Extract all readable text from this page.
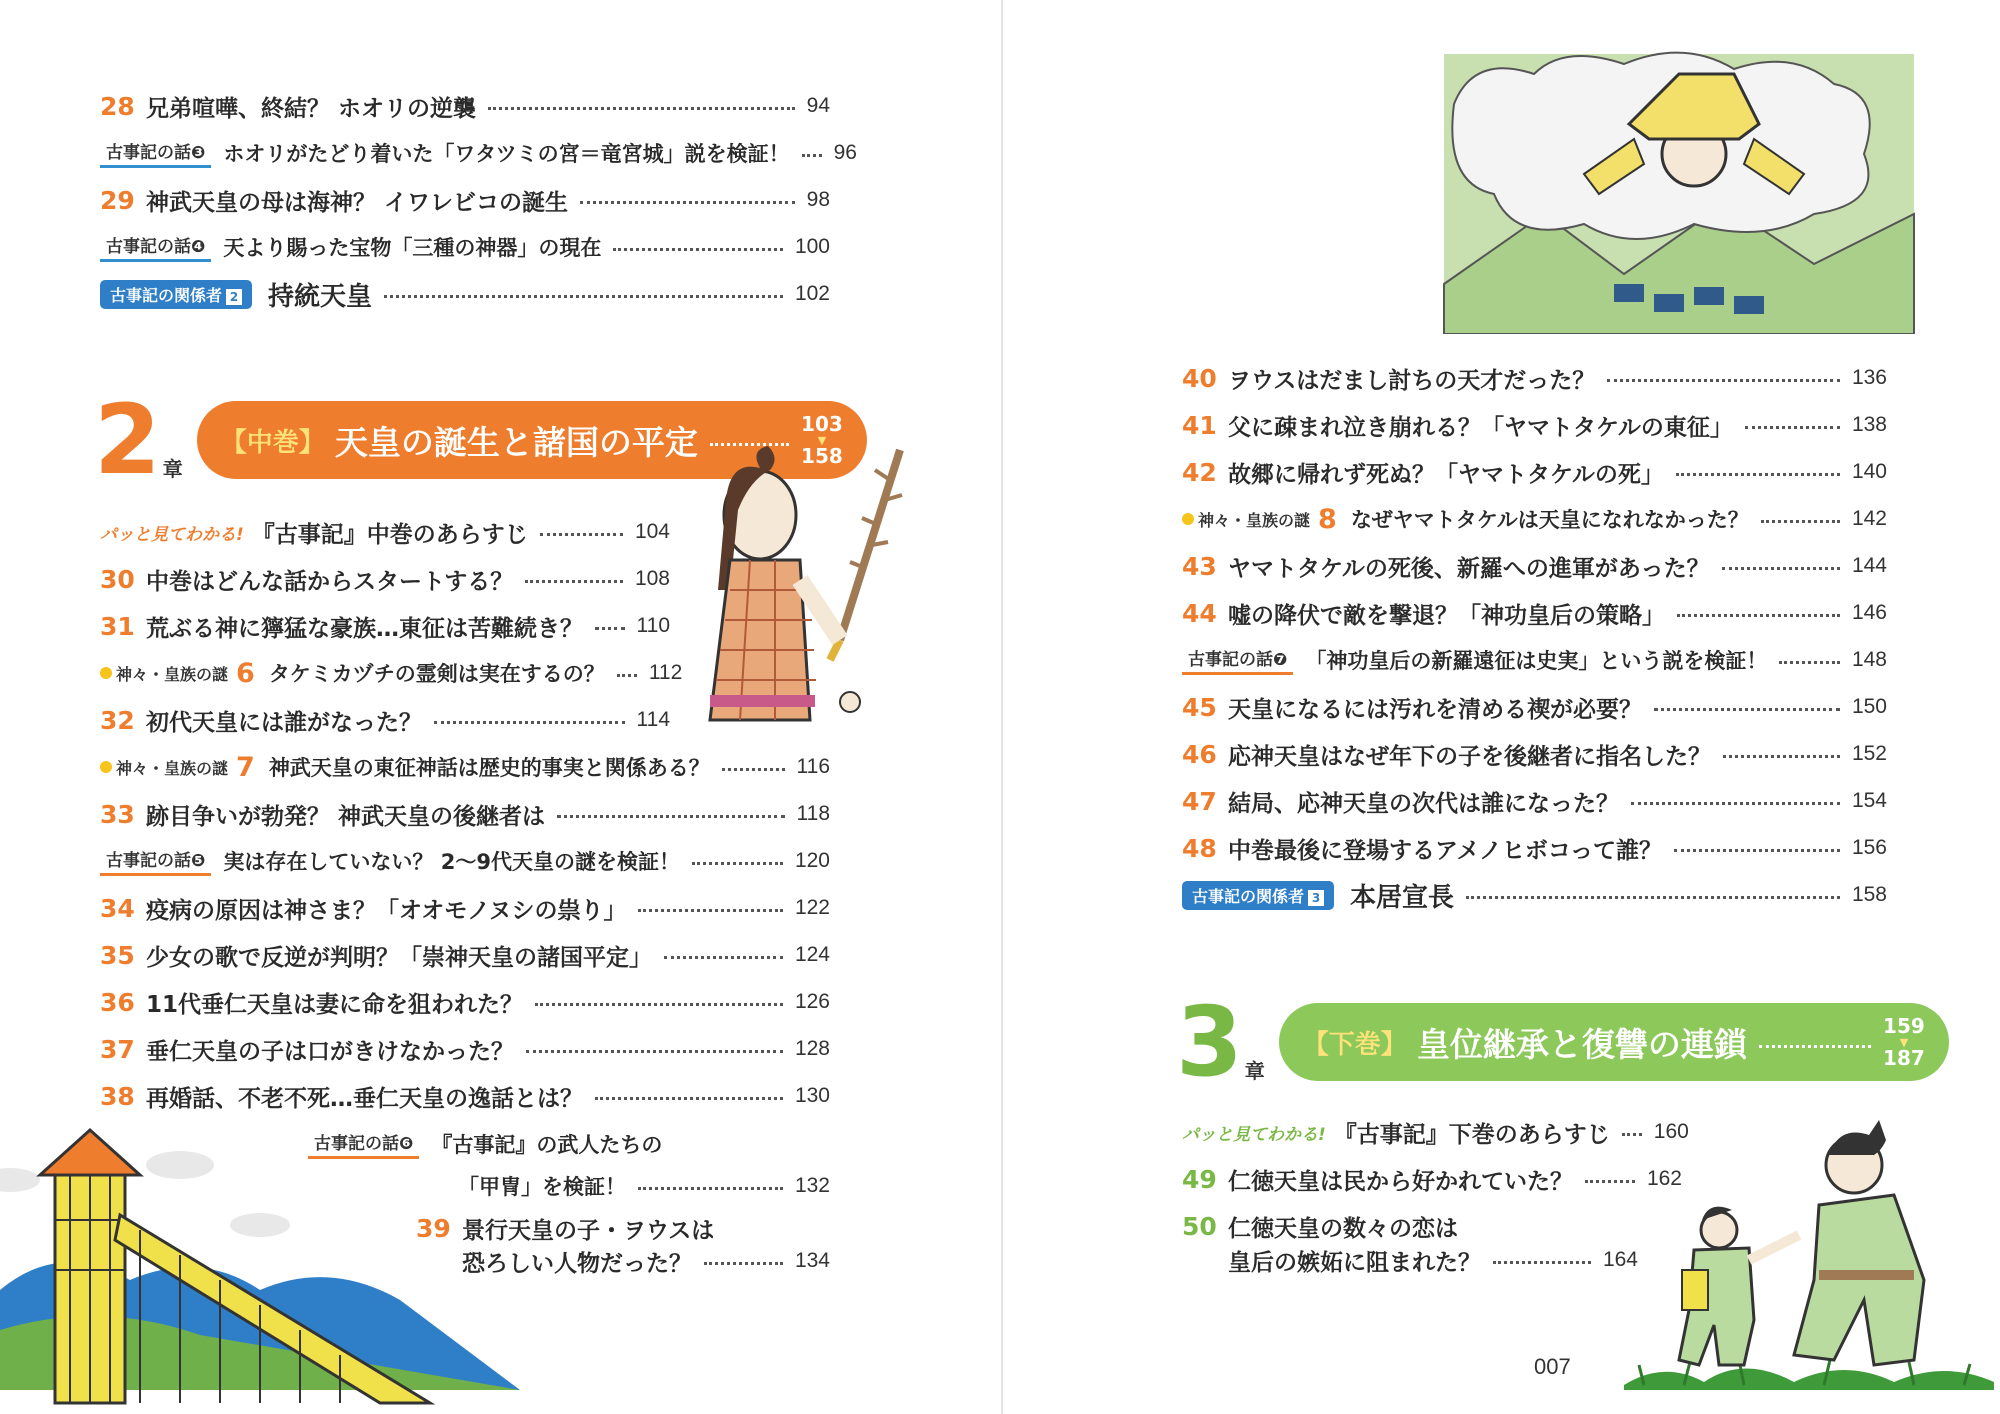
28 兄弟喧嘩、終結？ ホオリの逆襲	94
古事記の話❸ ホオリがたどり着いた「ワタツミの宮＝竜宮城」説を検証！ 96
29 神武天皇の母は海神？ イワレビコの誕生	98
古事記の話❹ 天より賜った宝物「三種の神器」の現在	100
古事記の関係者 2	持統天皇	102
2 章
【中巻】 天皇の誕生と諸国の平定	103
▼
158
パッと見てわかる! 『古事記』中巻のあらすじ	104
30 中巻はどんな話からスタートする？	108
31 荒ぶる神に獰猛な豪族…東征は苦難続き？	110
神々・皇族の謎 6 タケミカヅチの霊剣は実在するの？ 112
32 初代天皇には誰がなった？	114
神々・皇族の謎 7 神武天皇の東征神話は歴史的事実と関係ある？	116
33 跡目争いが勃発？ 神武天皇の後継者は	118
古事記の話❺ 実は存在していない？ 2～9代天皇の謎を検証！	120
34 疫病の原因は神さま？「オオモノヌシの祟り」	122
35 少女の歌で反逆が判明？「崇神天皇の諸国平定」	124
36 11代垂仁天皇は妻に命を狙われた？	126
37 垂仁天皇の子は口がきけなかった？	128
38 再婚話、不老不死…垂仁天皇の逸話とは？	130
古事記の話❻ 『古事記』の武人たちの
「甲冑」を検証！	132
39 景行天皇の子・ヲウスは
恐ろしい人物だった？	134
40 ヲウスはだまし討ちの天才だった？	136
41 父に疎まれ泣き崩れる？「ヤマトタケルの東征」	138
42 故郷に帰れず死ぬ？「ヤマトタケルの死」	140
神々・皇族の謎 8 なぜヤマトタケルは天皇になれなかった？	142
43 ヤマトタケルの死後、新羅への進軍があった？	144
44 嘘の降伏で敵を撃退？「神功皇后の策略」	146
古事記の話❼ 「神功皇后の新羅遠征は史実」という説を検証！	148
45 天皇になるには汚れを清める禊が必要？	150
46 応神天皇はなぜ年下の子を後継者に指名した？	152
47 結局、応神天皇の次代は誰になった？	154
48 中巻最後に登場するアメノヒボコって誰？	156
古事記の関係者 3	本居宣長	158
3 章
【下巻】 皇位継承と復讐の連鎖	159
▼
187
パッと見てわかる! 『古事記』下巻のあらすじ 160
49 仁徳天皇は民から好かれていた？	162
50 仁徳天皇の数々の恋は
皇后の嫉妬に阻まれた？	164
007
